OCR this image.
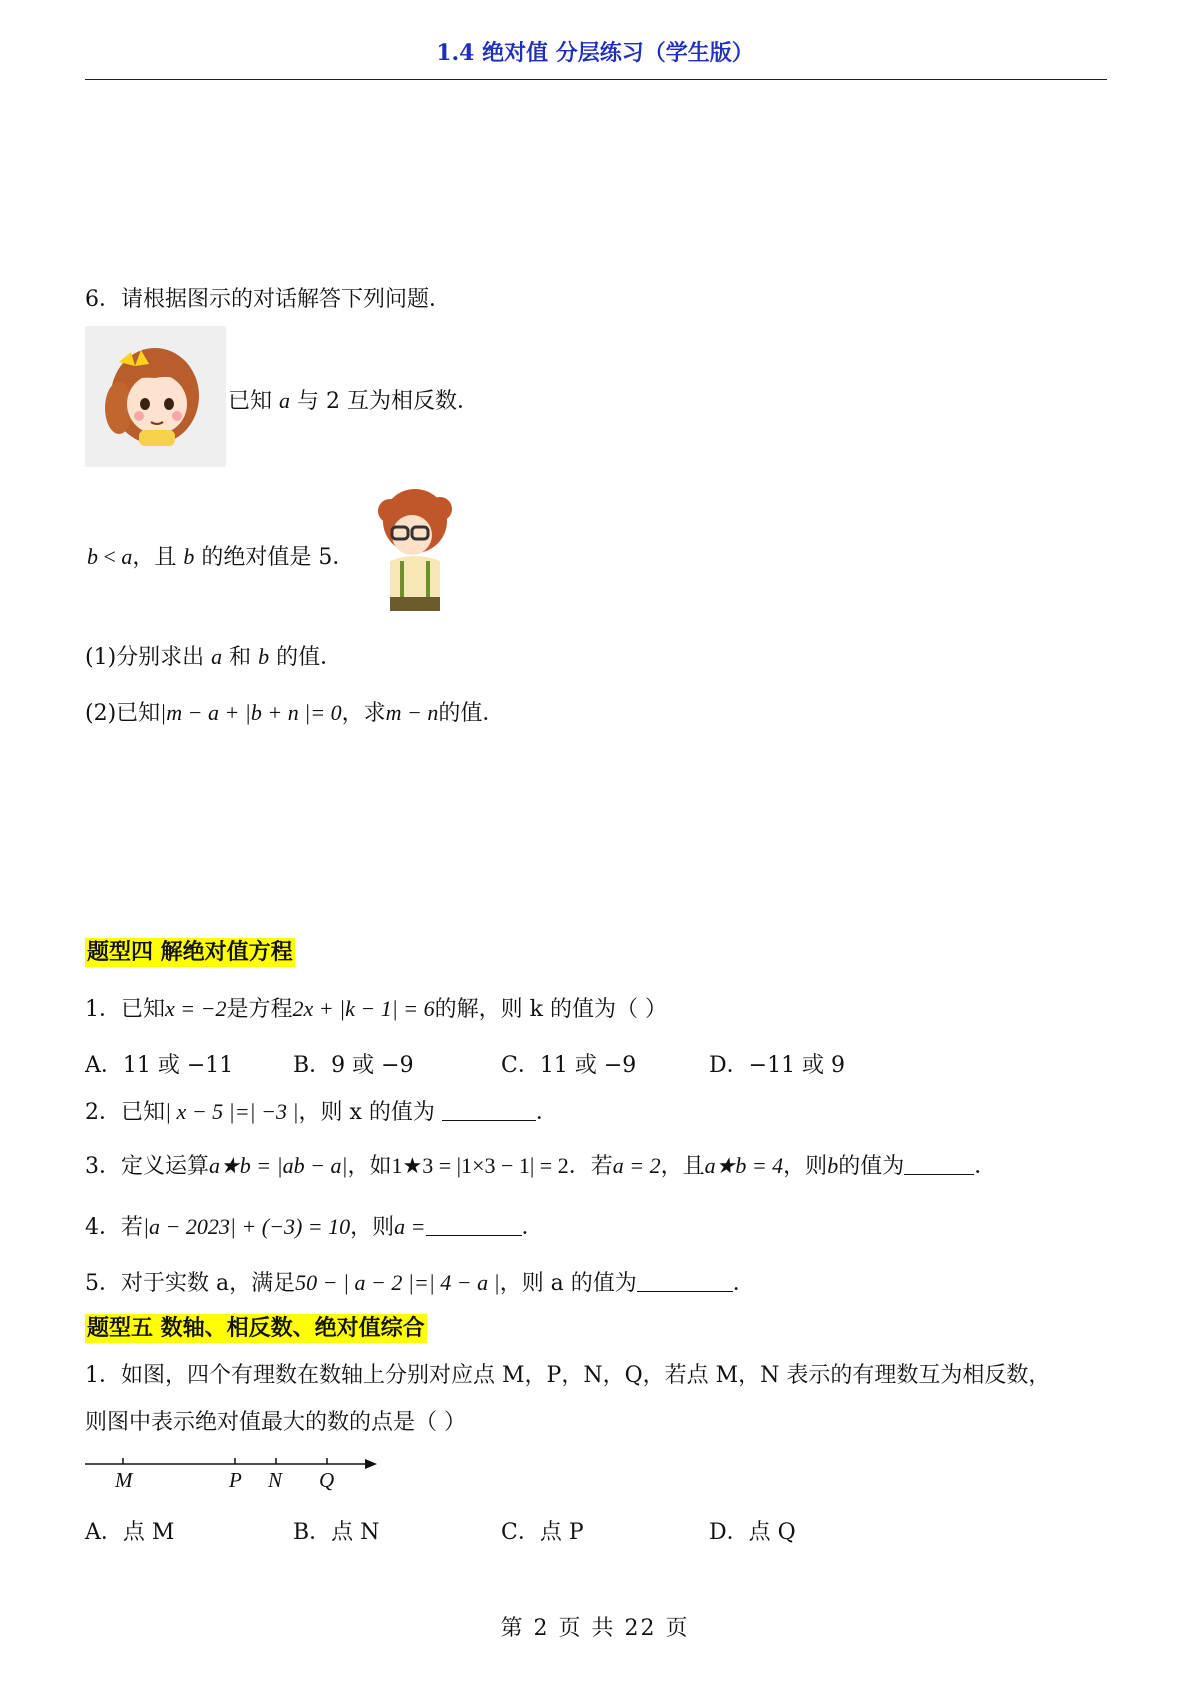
1.4 绝对值 分层练习（学生版）
6．请根据图示的对话解答下列问题．
已知 a 与 2 互为相反数．
b < a，且 b 的绝对值是 5．
(1)分别求出 a 和 b 的值．
(2)已知|m − a + |b + n |= 0，求m − n的值．
题型四 解绝对值方程
1．已知x = −2是方程2x + |k − 1| = 6的解，则 k 的值为（ ）
A．11 或 −11	B．9 或 −9	C．11 或 −9	D．−11 或 9
2．已知| x − 5 |=| −3 |，则 x 的值为	．
3．定义运算a★b = |ab − a|，如1★3 = |1×3 − 1| = 2．若a = 2，且a★b = 4，则b的值为	．
4．若|a − 2023| + (−3) = 10，则a =	．
5．对于实数 a，满足50 − | a − 2 |=| 4 − a |，则 a 的值为	．
题型五 数轴、相反数、绝对值综合
1．如图，四个有理数在数轴上分别对应点 M，P，N，Q，若点 M，N 表示的有理数互为相反数，
则图中表示绝对值最大的数的点是（ ）
M	P N Q
A．点 M	B．点 N	C．点 P	D．点 Q
第 2 页 共 22 页
